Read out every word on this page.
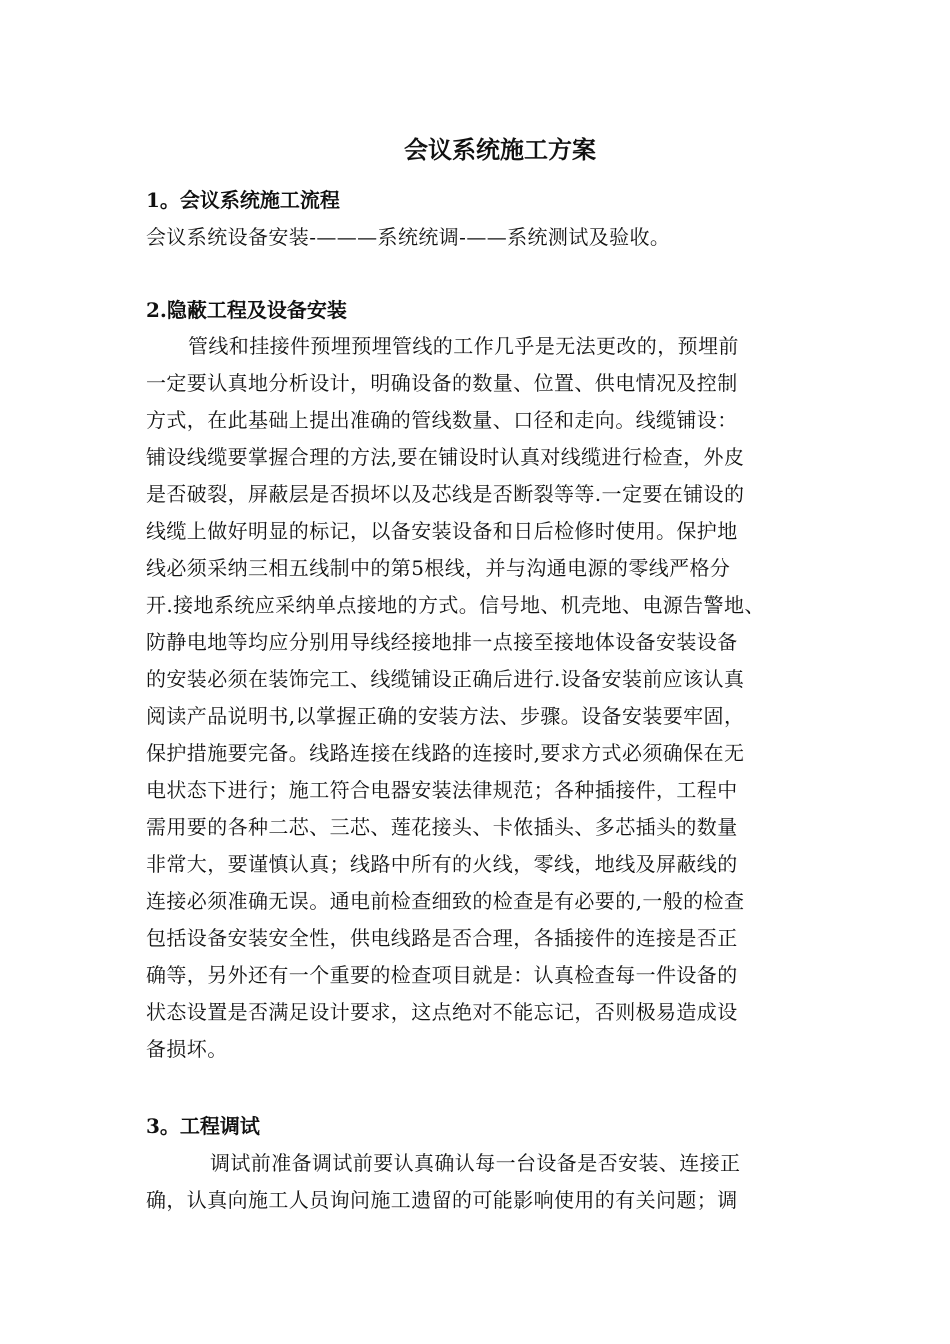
会议系统施工方案
1。会议系统施工流程
会议系统设备安装-———系统统调-——系统测试及验收。
2.隐蔽工程及设备安装
管线和挂接件预埋预埋管线的工作几乎是无法更改的，预埋前
一定要认真地分析设计，明确设备的数量、位置、供电情况及控制
方式，在此基础上提出准确的管线数量、口径和走向。线缆铺设：
铺设线缆要掌握合理的方法,要在铺设时认真对线缆进行检查，外皮
是否破裂，屏蔽层是否损坏以及芯线是否断裂等等.一定要在铺设的
线缆上做好明显的标记，以备安装设备和日后检修时使用。保护地
线必须采纳三相五线制中的第5根线，并与沟通电源的零线严格分
开.接地系统应采纳单点接地的方式。信号地、机壳地、电源告警地、
防静电地等均应分别用导线经接地排一点接至接地体设备安装设备
的安装必须在装饰完工、线缆铺设正确后进行.设备安装前应该认真
阅读产品说明书,以掌握正确的安装方法、步骤。设备安装要牢固，
保护措施要完备。线路连接在线路的连接时,要求方式必须确保在无
电状态下进行；施工符合电器安装法律规范；各种插接件，工程中
需用要的各种二芯、三芯、莲花接头、卡侬插头、多芯插头的数量
非常大，要谨慎认真；线路中所有的火线，零线，地线及屏蔽线的
连接必须准确无误。通电前检查细致的检查是有必要的,一般的检查
包括设备安装安全性，供电线路是否合理，各插接件的连接是否正
确等，另外还有一个重要的检查项目就是：认真检查每一件设备的
状态设置是否满足设计要求，这点绝对不能忘记，否则极易造成设
备损坏。
3。工程调试
调试前准备调试前要认真确认每一台设备是否安装、连接正
确，认真向施工人员询问施工遗留的可能影响使用的有关问题；调
